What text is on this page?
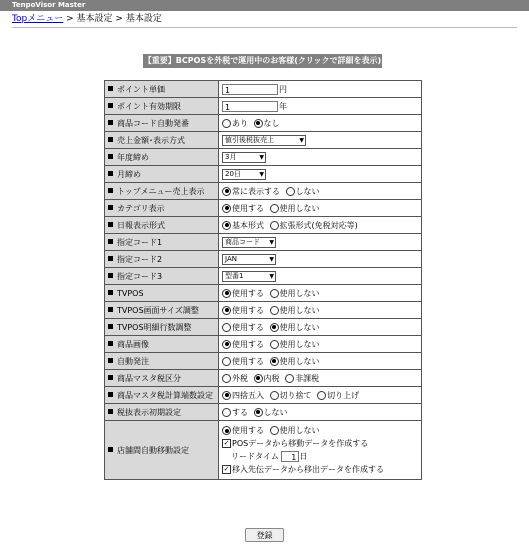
TenpoVisor Master
Topメニュー > 基本設定 > 基本設定
【重要】BCPOSを外税で運用中のお客様(クリックで詳細を表示)
ポイント単価	1 円
ポイント有効期限	1 年
商品コード自動発番	あり なし
売上金額･表示方式	値引後税抜売上 ▼

年度締め	3月 ▼

月締め	20日 ▼

トップメニュー売上表示	常に表示する しない
カテゴリ表示	使用する 使用しない
日報表示形式	基本形式 拡張形式(免税対応等)
指定コード1	商品コード ▼

指定コード2	JAN ▼

指定コード3	型番1 ▼

TVPOS	使用する 使用しない
TVPOS画面サイズ調整	使用する 使用しない
TVPOS明細行数調整	使用する 使用しない
商品画像	使用する 使用しない
自動発注	使用する 使用しない
商品マスタ税区分	外税 内税 非課税
商品マスタ税計算端数設定	四捨五入 切り捨て 切り上げ
税抜表示初期設定	する しない
店舗間自動移動設定	使用する 使用しない
✓ POSデータから移動データを作成する
リードタイム 1 日
✓ 移入先伝データから移出データを作成する
登録
